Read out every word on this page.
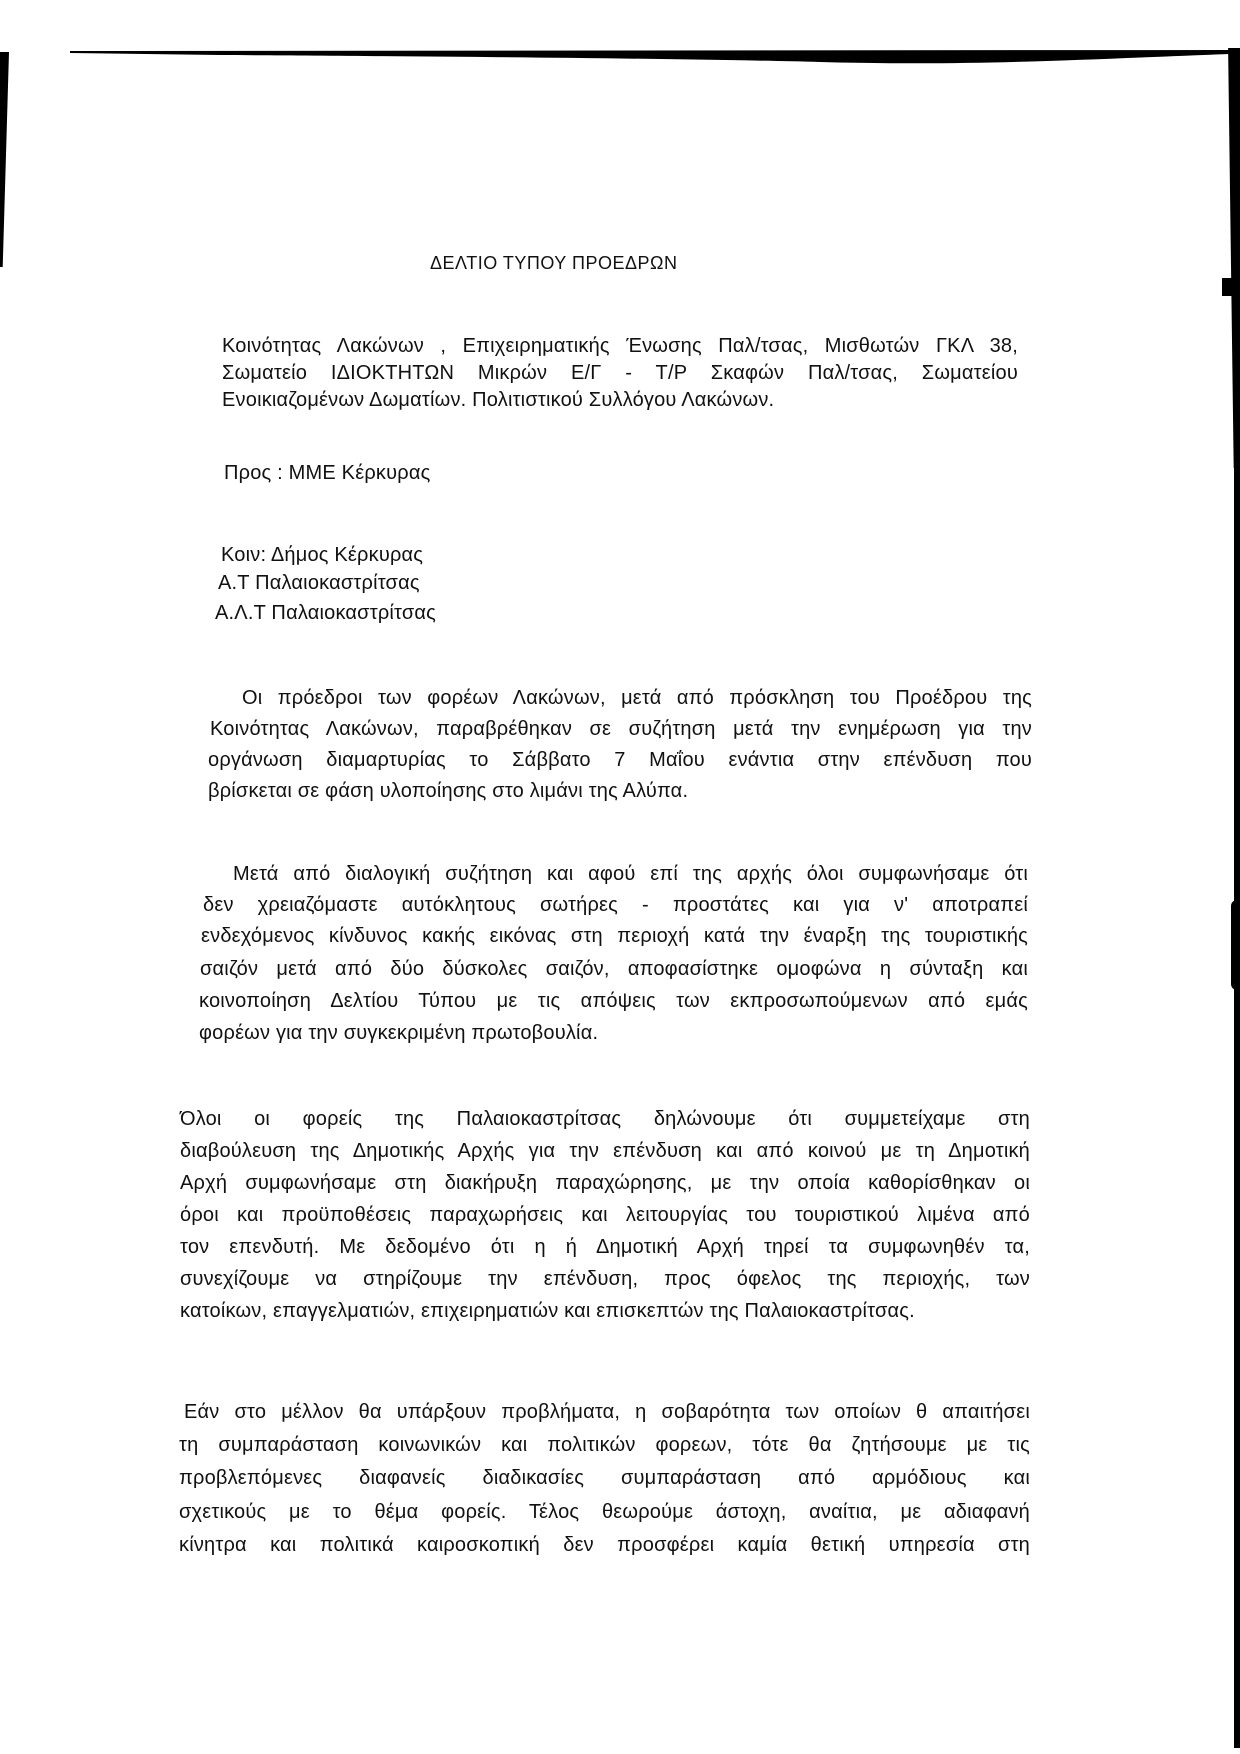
ΔΕΛΤΙΟ ΤΥΠΟΥ ΠΡΟΕΔΡΩΝ
Κοινότητας Λακώνων , Επιχειρηματικής Ένωσης Παλ/τσας, Μισθωτών ΓΚΛ 38,
Σωματείο ΙΔΙΟΚΤΗΤΩΝ Μικρών Ε/Γ - Τ/Ρ Σκαφών Παλ/τσας, Σωματείου
Ενοικιαζομένων Δωματίων. Πολιτιστικού Συλλόγου Λακώνων.
Προς : ΜΜΕ Κέρκυρας
Κοιν: Δήμος Κέρκυρας
Α.Τ Παλαιοκαστρίτσας
Α.Λ.Τ Παλαιοκαστρίτσας
Οι πρόεδροι των φορέων Λακώνων, μετά από πρόσκληση του Προέδρου της
Κοινότητας Λακώνων, παραβρέθηκαν σε συζήτηση μετά την ενημέρωση για την
οργάνωση διαμαρτυρίας το Σάββατο 7 Μαΐου ενάντια στην επένδυση που
βρίσκεται σε φάση υλοποίησης στο λιμάνι της Αλύπα.
Μετά από διαλογική συζήτηση και αφού επί της αρχής όλοι συμφωνήσαμε ότι
δεν χρειαζόμαστε αυτόκλητους σωτήρες - προστάτες και για ν' αποτραπεί
ενδεχόμενος κίνδυνος κακής εικόνας στη περιοχή κατά την έναρξη της τουριστικής
σαιζόν μετά από δύο δύσκολες σαιζόν, αποφασίστηκε ομοφώνα η σύνταξη και
κοινοποίηση Δελτίου Τύπου με τις απόψεις των εκπροσωπούμενων από εμάς
φορέων για την συγκεκριμένη πρωτοβουλία.
Όλοι οι φορείς της Παλαιοκαστρίτσας δηλώνουμε ότι συμμετείχαμε στη
διαβούλευση της Δημοτικής Αρχής για την επένδυση και από κοινού με τη Δημοτική
Αρχή συμφωνήσαμε στη διακήρυξη παραχώρησης, με την οποία καθορίσθηκαν οι
όροι και προϋποθέσεις παραχωρήσεις και λειτουργίας του τουριστικού λιμένα από
τον επενδυτή. Με δεδομένο ότι η ή Δημοτική Αρχή τηρεί τα συμφωνηθέν τα,
συνεχίζουμε να στηρίζουμε την επένδυση, προς όφελος της περιοχής, των
κατοίκων, επαγγελματιών, επιχειρηματιών και επισκεπτών της Παλαιοκαστρίτσας.
Εάν στο μέλλον θα υπάρξουν προβλήματα, η σοβαρότητα των οποίων θ απαιτήσει
τη συμπαράσταση κοινωνικών και πολιτικών φορεων, τότε θα ζητήσουμε με τις
προβλεπόμενες διαφανείς διαδικασίες συμπαράσταση από αρμόδιους και
σχετικούς με το θέμα φορείς. Τέλος θεωρούμε άστοχη, αναίτια, με αδιαφανή
κίνητρα και πολιτικά καιροσκοπική δεν προσφέρει καμία θετική υπηρεσία στη
